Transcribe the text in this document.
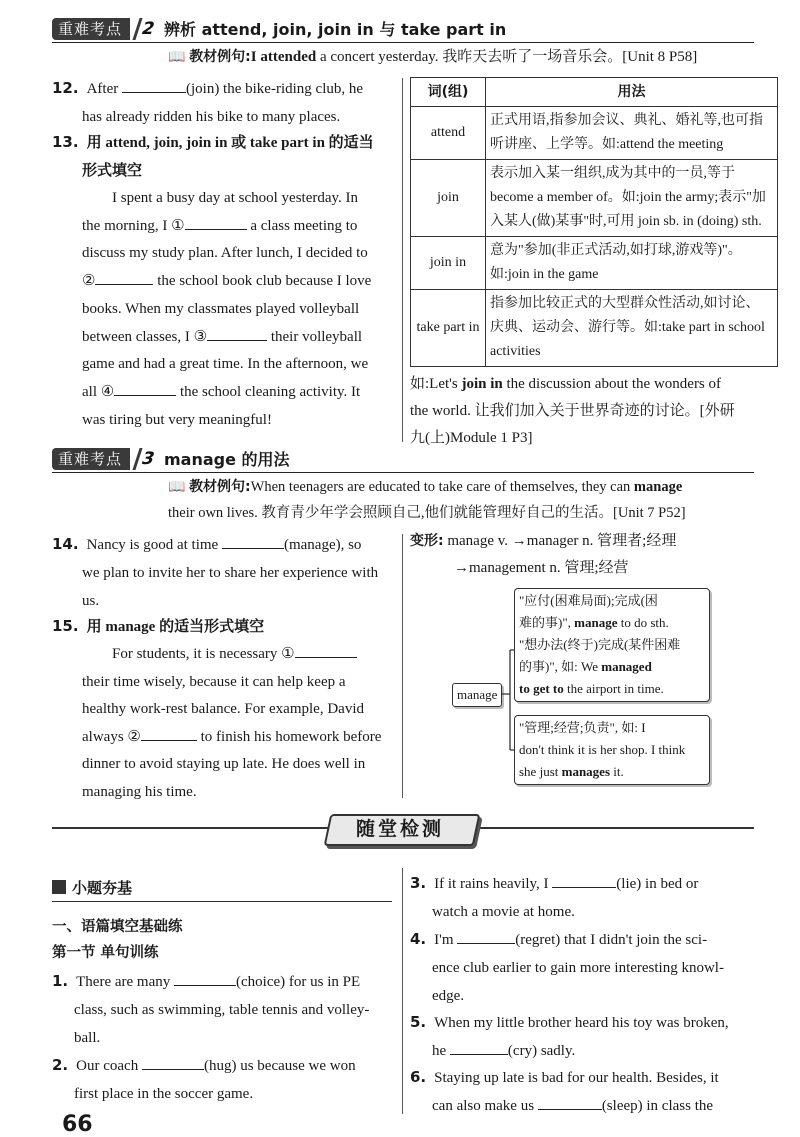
重难考点 2 辨析 attend, join, join in 与 take part in
📖 教材例句:I attended a concert yesterday. 我昨天去听了一场音乐会。[Unit 8 P58]
12. After	(join) the bike-riding club, he
has already ridden his bike to many places.
13. 用 attend, join, join in 或 take part in 的适当
形式填空
I spent a busy day at school yesterday. In
the morning, I ①	a class meeting to
discuss my study plan. After lunch, I decided to
②	the school book club because I love
books. When my classmates played volleyball
between classes, I ③	their volleyball
game and had a great time. In the afternoon, we
all ④	the school cleaning activity. It
was tiring but very meaningful!
词(组)	用法
attend	正式用语,指参加会议、典礼、婚礼等,也可指听讲座、上学等。如:attend the meeting
join	表示加入某一组织,成为其中的一员,等于become a member of。如:join the army;表示"加入某人(做)某事"时,可用 join sb. in (doing) sth.
join in	意为"参加(非正式活动,如打球,游戏等)"。如:join in the game
take part in	指参加比较正式的大型群众性活动,如讨论、庆典、运动会、游行等。如:take part in school activities
如:Let's join in the discussion about the wonders of
the world. 让我们加入关于世界奇迹的讨论。[外研
九(上)Module 1 P3]
重难考点 3 manage 的用法
📖 教材例句:When teenagers are educated to take care of themselves, they can manage
their own lives. 教育青少年学会照顾自己,他们就能管理好自己的生活。[Unit 7 P52]
14. Nancy is good at time	(manage), so
we plan to invite her to share her experience with
us.
15. 用 manage 的适当形式填空
For students, it is necessary ①
their time wisely, because it can help keep a
healthy work-rest balance. For example, David
always ②	to finish his homework before
dinner to avoid staying up late. He does well in
managing his time.
变形: manage v. →manager n. 管理者;经理
→management n. 管理;经营
manage
"应付(困难局面);完成(困
难的事)", manage to do sth.
"想办法(终于)完成(某件困难
的事)", 如: We managed
to get to the airport in time.
"管理;经营;负责", 如: I
don't think it is her shop. I think
she just manages it.
随堂检测
小题夯基
一、语篇填空基础练
第一节 单句训练
1. There are many	(choice) for us in PE
class, such as swimming, table tennis and volley-
ball.
2. Our coach	(hug) us because we won
first place in the soccer game.
66
3. If it rains heavily, I	(lie) in bed or
watch a movie at home.
4. I'm	(regret) that I didn't join the sci-
ence club earlier to gain more interesting knowl-
edge.
5. When my little brother heard his toy was broken,
he	(cry) sadly.
6. Staying up late is bad for our health. Besides, it
can also make us	(sleep) in class the
